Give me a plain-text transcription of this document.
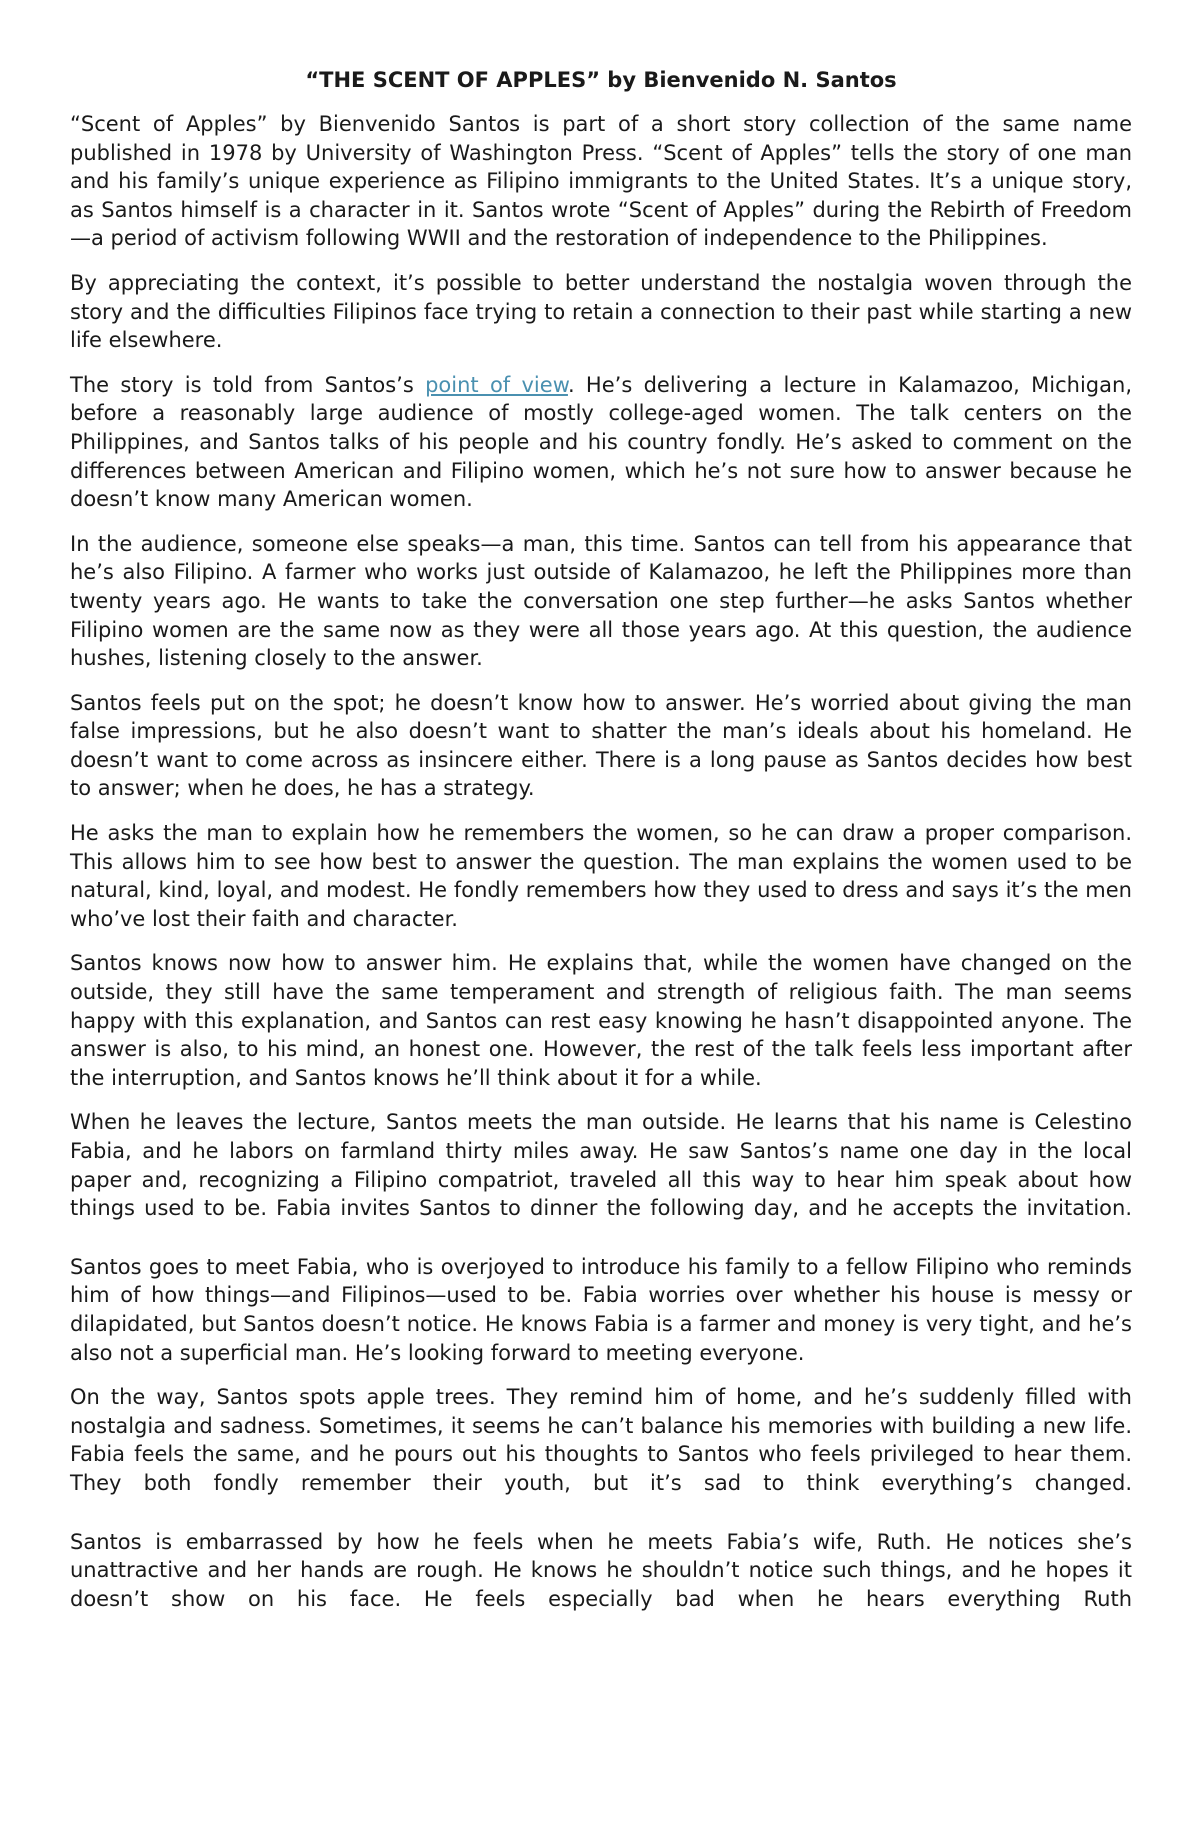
“THE SCENT OF APPLES” by Bienvenido N. Santos

“Scent of Apples” by Bienvenido Santos is part of a short story collection of the same name published in 1978 by University of Washington Press. “Scent of Apples” tells the story of one man and his family’s unique experience as Filipino immigrants to the United States. It’s a unique story, as Santos himself is a character in it. Santos wrote “Scent of Apples” during the Rebirth of Freedom—a period of activism following WWII and the restoration of independence to the Philippines.

By appreciating the context, it’s possible to better understand the nostalgia woven through the story and the difficulties Filipinos face trying to retain a connection to their past while starting a new life elsewhere.

The story is told from Santos’s point of view. He’s delivering a lecture in Kalamazoo, Michigan, before a reasonably large audience of mostly college-aged women. The talk centers on the Philippines, and Santos talks of his people and his country fondly. He’s asked to comment on the differences between American and Filipino women, which he’s not sure how to answer because he doesn’t know many American women.

In the audience, someone else speaks—a man, this time. Santos can tell from his appearance that he’s also Filipino. A farmer who works just outside of Kalamazoo, he left the Philippines more than twenty years ago. He wants to take the conversation one step further—he asks Santos whether Filipino women are the same now as they were all those years ago. At this question, the audience hushes, listening closely to the answer.

Santos feels put on the spot; he doesn’t know how to answer. He’s worried about giving the man false impressions, but he also doesn’t want to shatter the man’s ideals about his homeland. He doesn’t want to come across as insincere either. There is a long pause as Santos decides how best to answer; when he does, he has a strategy.

He asks the man to explain how he remembers the women, so he can draw a proper comparison. This allows him to see how best to answer the question. The man explains the women used to be natural, kind, loyal, and modest. He fondly remembers how they used to dress and says it’s the men who’ve lost their faith and character.

Santos knows now how to answer him. He explains that, while the women have changed on the outside, they still have the same temperament and strength of religious faith. The man seems happy with this explanation, and Santos can rest easy knowing he hasn’t disappointed anyone. The answer is also, to his mind, an honest one. However, the rest of the talk feels less important after the interruption, and Santos knows he’ll think about it for a while.

When he leaves the lecture, Santos meets the man outside. He learns that his name is Celestino Fabia, and he labors on farmland thirty miles away. He saw Santos’s name one day in the local paper and, recognizing a Filipino compatriot, traveled all this way to hear him speak about how things used to be. Fabia invites Santos to dinner the following day, and he accepts the invitation.

Santos goes to meet Fabia, who is overjoyed to introduce his family to a fellow Filipino who reminds him of how things—and Filipinos—used to be. Fabia worries over whether his house is messy or dilapidated, but Santos doesn’t notice. He knows Fabia is a farmer and money is very tight, and he’s also not a superficial man. He’s looking forward to meeting everyone.

On the way, Santos spots apple trees. They remind him of home, and he’s suddenly filled with nostalgia and sadness. Sometimes, it seems he can’t balance his memories with building a new life. Fabia feels the same, and he pours out his thoughts to Santos who feels privileged to hear them. They both fondly remember their youth, but it’s sad to think everything’s changed.

Santos is embarrassed by how he feels when he meets Fabia’s wife, Ruth. He notices she’s unattractive and her hands are rough. He knows he shouldn’t notice such things, and he hopes it doesn’t show on his face. He feels especially bad when he hears everything Ruth
